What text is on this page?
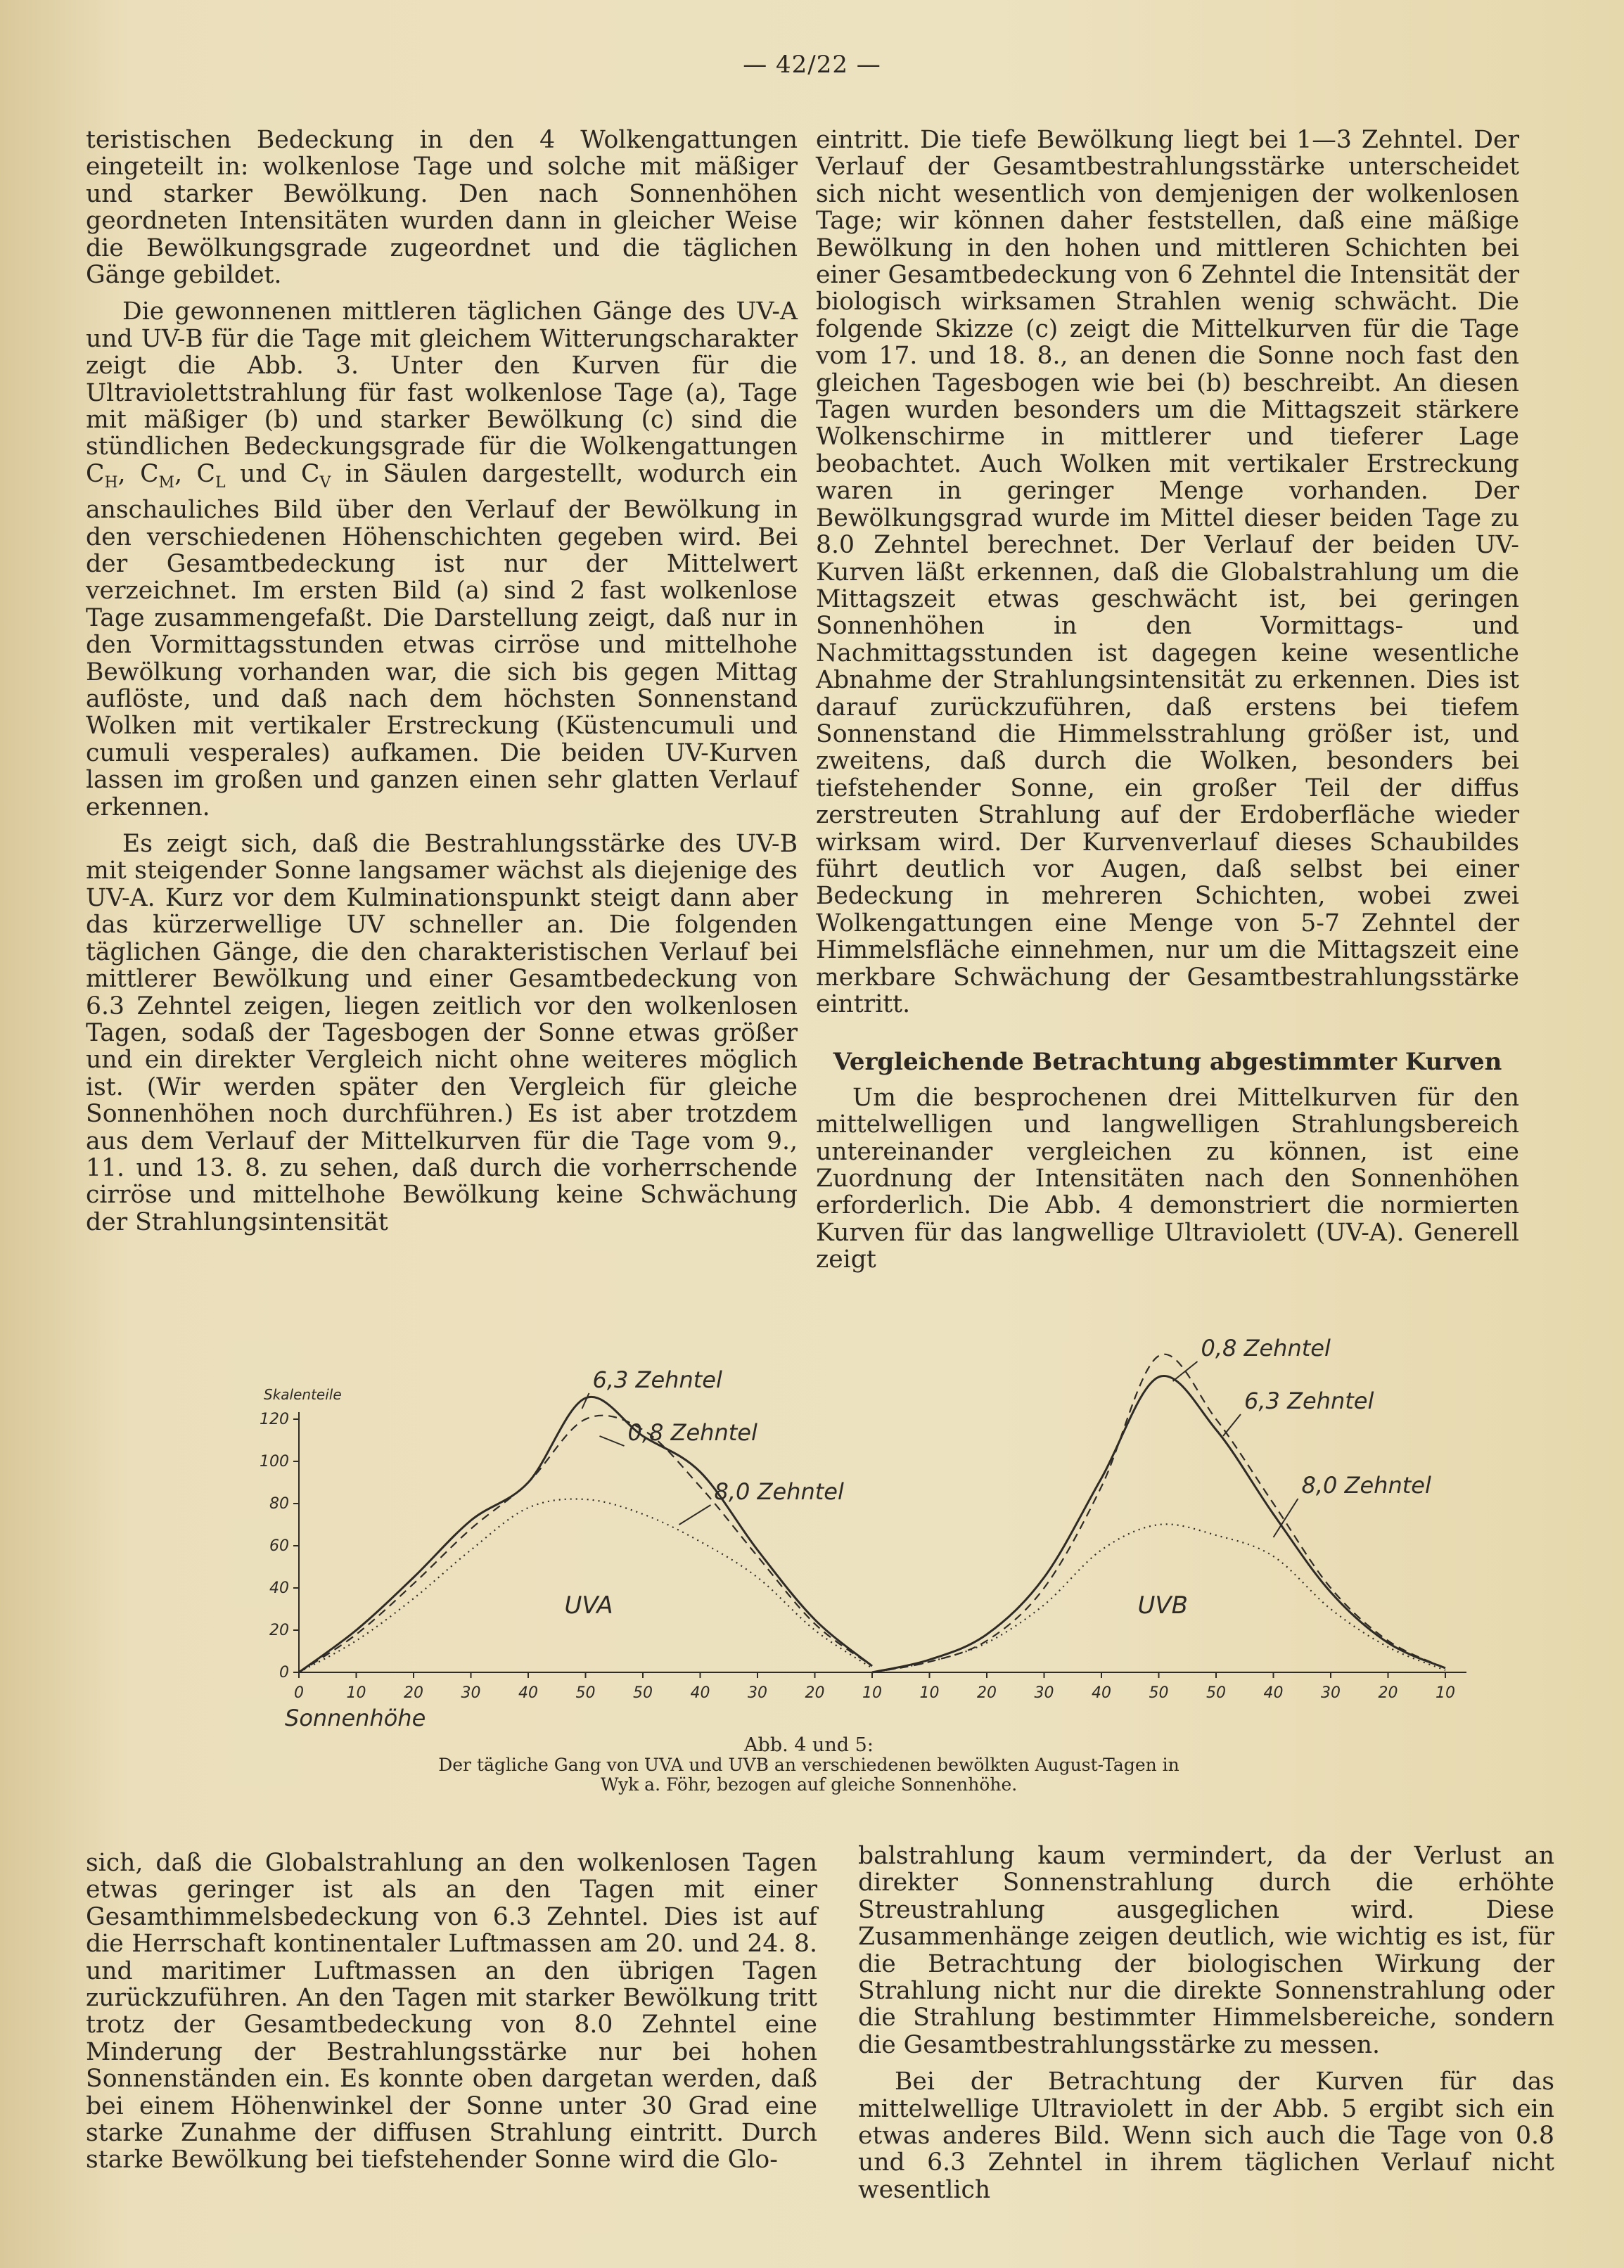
— 42/22 —

teristischen Bedeckung in den 4 Wolkengattungen eingeteilt in: wolkenlose Tage und solche mit mäßiger und starker Bewölkung. Den nach Sonnenhöhen geordneten Intensitäten wurden dann in gleicher Weise die Bewölkungsgrade zugeordnet und die täglichen Gänge gebildet.

Die gewonnenen mittleren täglichen Gänge des UV-A und UV-B für die Tage mit gleichem Witterungscharakter zeigt die Abb. 3. Unter den Kurven für die Ultraviolettstrahlung für fast wolkenlose Tage (a), Tage mit mäßiger (b) und starker Bewölkung (c) sind die stündlichen Bedeckungsgrade für die Wolkengattungen $C_H$, $C_M$, $C_L$ und $C_V$ in Säulen dargestellt, wodurch ein anschauliches Bild über den Verlauf der Bewölkung in den verschiedenen Höhenschichten gegeben wird. Bei der Gesamtbedeckung ist nur der Mittelwert verzeichnet. Im ersten Bild (a) sind 2 fast wolkenlose Tage zusammengefaßt. Die Darstellung zeigt, daß nur in den Vormittagsstunden etwas cirröse und mittelhohe Bewölkung vorhanden war, die sich bis gegen Mittag auflöste, und daß nach dem höchsten Sonnenstand Wolken mit vertikaler Erstreckung (Küstencumuli und cumuli vesperales) aufkamen. Die beiden UV-Kurven lassen im großen und ganzen einen sehr glatten Verlauf erkennen.

Es zeigt sich, daß die Bestrahlungsstärke des UV-B mit steigender Sonne langsamer wächst als diejenige des UV-A. Kurz vor dem Kulminationspunkt steigt dann aber das kürzerwellige UV schneller an. Die folgenden täglichen Gänge, die den charakteristischen Verlauf bei mittlerer Bewölkung und einer Gesamtbedeckung von 6.3 Zehntel zeigen, liegen zeitlich vor den wolkenlosen Tagen, sodaß der Tagesbogen der Sonne etwas größer und ein direkter Vergleich nicht ohne weiteres möglich ist. (Wir werden später den Vergleich für gleiche Sonnenhöhen noch durchführen.) Es ist aber trotzdem aus dem Verlauf der Mittelkurven für die Tage vom 9., 11. und 13. 8. zu sehen, daß durch die vorherrschende cirröse und mittelhohe Bewölkung keine Schwächung der Strahlungsintensität

eintritt. Die tiefe Bewölkung liegt bei 1—3 Zehntel. Der Verlauf der Gesamtbestrahlungsstärke unterscheidet sich nicht wesentlich von demjenigen der wolkenlosen Tage; wir können daher feststellen, daß eine mäßige Bewölkung in den hohen und mittleren Schichten bei einer Gesamtbedeckung von 6 Zehntel die Intensität der biologisch wirksamen Strahlen wenig schwächt. Die folgende Skizze (c) zeigt die Mittelkurven für die Tage vom 17. und 18. 8., an denen die Sonne noch fast den gleichen Tagesbogen wie bei (b) beschreibt. An diesen Tagen wurden besonders um die Mittagszeit stärkere Wolkenschirme in mittlerer und tieferer Lage beobachtet. Auch Wolken mit vertikaler Erstreckung waren in geringer Menge vorhanden. Der Bewölkungsgrad wurde im Mittel dieser beiden Tage zu 8.0 Zehntel berechnet. Der Verlauf der beiden UV-Kurven läßt erkennen, daß die Globalstrahlung um die Mittagszeit etwas geschwächt ist, bei geringen Sonnenhöhen in den Vormittags- und Nachmittagsstunden ist dagegen keine wesentliche Abnahme der Strahlungsintensität zu erkennen. Dies ist darauf zurückzuführen, daß erstens bei tiefem Sonnenstand die Himmelsstrahlung größer ist, und zweitens, daß durch die Wolken, besonders bei tiefstehender Sonne, ein großer Teil der diffus zerstreuten Strahlung auf der Erdoberfläche wieder wirksam wird. Der Kurvenverlauf dieses Schaubildes führt deutlich vor Augen, daß selbst bei einer Bedeckung in mehreren Schichten, wobei zwei Wolkengattungen eine Menge von 5-7 Zehntel der Himmelsfläche einnehmen, nur um die Mittagszeit eine merkbare Schwächung der Gesamtbestrahlungsstärke eintritt.

Vergleichende Betrachtung abgestimmter Kurven

Um die besprochenen drei Mittelkurven für den mittelwelligen und langwelligen Strahlungsbereich untereinander vergleichen zu können, ist eine Zuordnung der Intensitäten nach den Sonnenhöhen erforderlich. Die Abb. 4 demonstriert die normierten Kurven für das langwellige Ultraviolett (UV-A). Generell zeigt

0
20
40
60
80
100
120
Skalenteile
0	10 20 30 40 50 50 40 30 20 10 10 20 30 40 50 50 40 30 20 10
Sonnenhöhe
UVA	UVB
6,3 Zehntel
0,8 Zehntel
8,0 Zehntel
0,8 Zehntel
6,3 Zehntel
8,0 Zehntel
Abb. 4 und 5:
Der tägliche Gang von UVA und UVB an verschiedenen bewölkten August-Tagen in Wyk a. Föhr, bezogen auf gleiche Sonnenhöhe.

sich, daß die Globalstrahlung an den wolkenlosen Tagen etwas geringer ist als an den Tagen mit einer Gesamthimmelsbedeckung von 6.3 Zehntel. Dies ist auf die Herrschaft kontinentaler Luftmassen am 20. und 24. 8. und maritimer Luftmassen an den übrigen Tagen zurückzuführen. An den Tagen mit starker Bewölkung tritt trotz der Gesamtbedeckung von 8.0 Zehntel eine Minderung der Bestrahlungsstärke nur bei hohen Sonnenständen ein. Es konnte oben dargetan werden, daß bei einem Höhenwinkel der Sonne unter 30 Grad eine starke Zunahme der diffusen Strahlung eintritt. Durch starke Bewölkung bei tiefstehender Sonne wird die Glo-

balstrahlung kaum vermindert, da der Verlust an direkter Sonnenstrahlung durch die erhöhte Streustrahlung ausgeglichen wird. Diese Zusammenhänge zeigen deutlich, wie wichtig es ist, für die Betrachtung der biologischen Wirkung der Strahlung nicht nur die direkte Sonnenstrahlung oder die Strahlung bestimmter Himmelsbereiche, sondern die Gesamtbestrahlungsstärke zu messen.

Bei der Betrachtung der Kurven für das mittelwellige Ultraviolett in der Abb. 5 ergibt sich ein etwas anderes Bild. Wenn sich auch die Tage von 0.8 und 6.3 Zehntel in ihrem täglichen Verlauf nicht wesentlich
